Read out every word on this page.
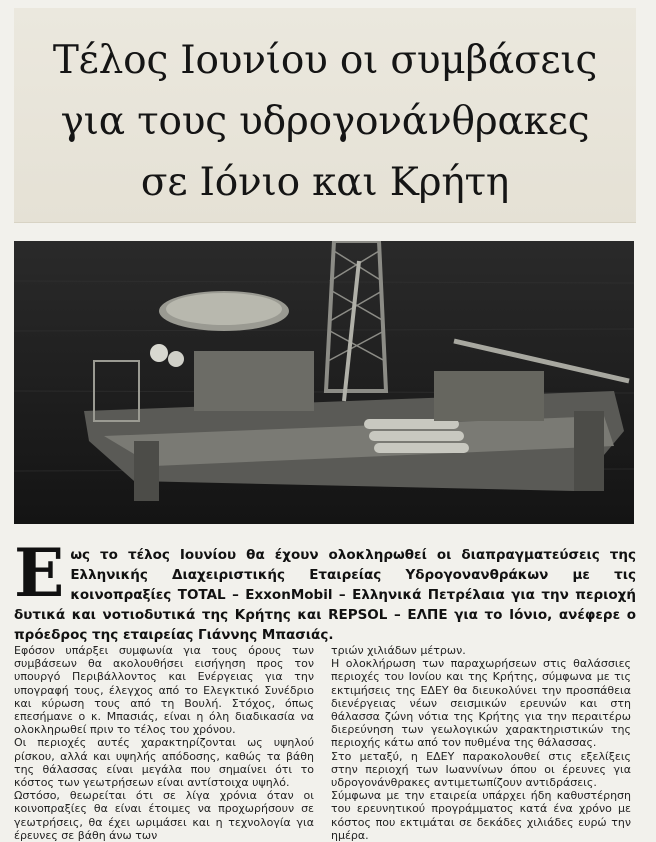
Τέλος Ιουνίου οι συμβάσεις
για τους υδρογονάνθρακες
σε Ιόνιο και Κρήτη
Εως το τέλος Ιουνίου θα έχουν ολοκληρωθεί οι διαπραγματεύσεις της Ελληνικής Διαχειριστικής Εταιρείας Υδρογονανθράκων με τις κοινοπραξίες TOTAL – ExxonMobil – Ελληνικά Πετρέλαια για την περιοχή δυτικά και νοτιοδυτικά της Κρήτης και REPSOL – ΕΛΠΕ για το Ιόνιο, ανέφερε ο πρόεδρος της εταιρείας Γιάννης Μπασιάς.

Εφόσον υπάρξει συμφωνία για τους όρους των συμβάσεων θα ακολουθήσει εισήγηση προς τον υπουργό Περιβάλλοντος και Ενέργειας για την υπογραφή τους, έλεγχος από το Ελεγκτικό Συνέδριο και κύρωση τους από τη Βουλή. Στόχος, όπως επεσήμανε ο κ. Μπασιάς, είναι η όλη διαδικασία να ολοκληρωθεί πριν το τέλος του χρόνου.

Οι περιοχές αυτές χαρακτηρίζονται ως υψηλού ρίσκου, αλλά και υψηλής απόδοσης, καθώς τα βάθη της θάλασσας είναι μεγάλα που σημαίνει ότι το κόστος των γεωτρήσεων είναι αντίστοιχα υψηλό.

Ωστόσο, θεωρείται ότι σε λίγα χρόνια όταν οι κοινοπραξίες θα είναι έτοιμες να προχωρήσουν σε γεωτρήσεις, θα έχει ωριμάσει και η τεχνολογία για έρευνες σε βάθη άνω των

τριών χιλιάδων μέτρων.

Η ολοκλήρωση των παραχωρήσεων στις θαλάσσιες περιοχές του Ιονίου και της Κρήτης, σύμφωνα με τις εκτιμήσεις της ΕΔΕΥ θα διευκολύνει την προσπάθεια διενέργειας νέων σεισμικών ερευνών και στη θάλασσα ζώνη νότια της Κρήτης για την περαιτέρω διερεύνηση των γεωλογικών χαρακτηριστικών της περιοχής κάτω από τον πυθμένα της θάλασσας.

Στο μεταξύ, η ΕΔΕΥ παρακολουθεί στις εξελίξεις στην περιοχή των Ιωαννίνων όπου οι έρευνες για υδρογονάνθρακες αντιμετωπίζουν αντιδράσεις.

Σύμφωνα με την εταιρεία υπάρχει ήδη καθυστέρηση του ερευνητικού προγράμματος κατά ένα χρόνο με κόστος που εκτιμάται σε δεκάδες χιλιάδες ευρώ την ημέρα.
